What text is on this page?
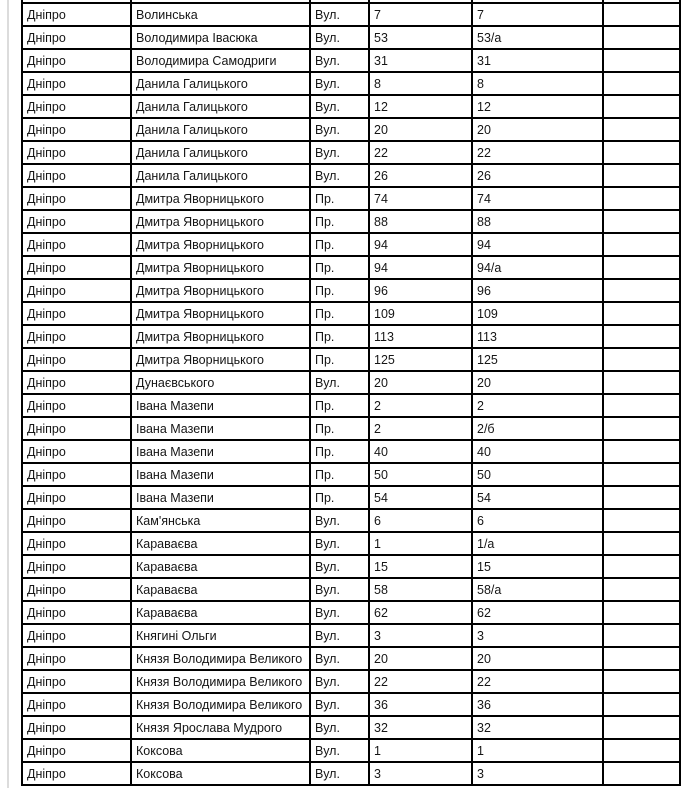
Дніпро	Волинська	Вул.	7	7	
Дніпро	Володимира Івасюка	Вул.	53	53/а	
Дніпро	Володимира Самодриги	Вул.	31	31	
Дніпро	Данила Галицького	Вул.	8	8	
Дніпро	Данила Галицького	Вул.	12	12	
Дніпро	Данила Галицького	Вул.	20	20	
Дніпро	Данила Галицького	Вул.	22	22	
Дніпро	Данила Галицького	Вул.	26	26	
Дніпро	Дмитра Яворницького	Пр.	74	74	
Дніпро	Дмитра Яворницького	Пр.	88	88	
Дніпро	Дмитра Яворницького	Пр.	94	94	
Дніпро	Дмитра Яворницького	Пр.	94	94/а	
Дніпро	Дмитра Яворницького	Пр.	96	96	
Дніпро	Дмитра Яворницького	Пр.	109	109	
Дніпро	Дмитра Яворницького	Пр.	113	113	
Дніпро	Дмитра Яворницького	Пр.	125	125	
Дніпро	Дунаєвського	Вул.	20	20	
Дніпро	Івана Мазепи	Пр.	2	2	
Дніпро	Івана Мазепи	Пр.	2	2/б	
Дніпро	Івана Мазепи	Пр.	40	40	
Дніпро	Івана Мазепи	Пр.	50	50	
Дніпро	Івана Мазепи	Пр.	54	54	
Дніпро	Кам'янська	Вул.	6	6	
Дніпро	Караваєва	Вул.	1	1/а	
Дніпро	Караваєва	Вул.	15	15	
Дніпро	Караваєва	Вул.	58	58/а	
Дніпро	Караваєва	Вул.	62	62	
Дніпро	Княгині Ольги	Вул.	3	3	
Дніпро	Князя Володимира Великого	Вул.	20	20	
Дніпро	Князя Володимира Великого	Вул.	22	22	
Дніпро	Князя Володимира Великого	Вул.	36	36	
Дніпро	Князя Ярослава Мудрого	Вул.	32	32	
Дніпро	Коксова	Вул.	1	1	
Дніпро	Коксова	Вул.	3	3	
